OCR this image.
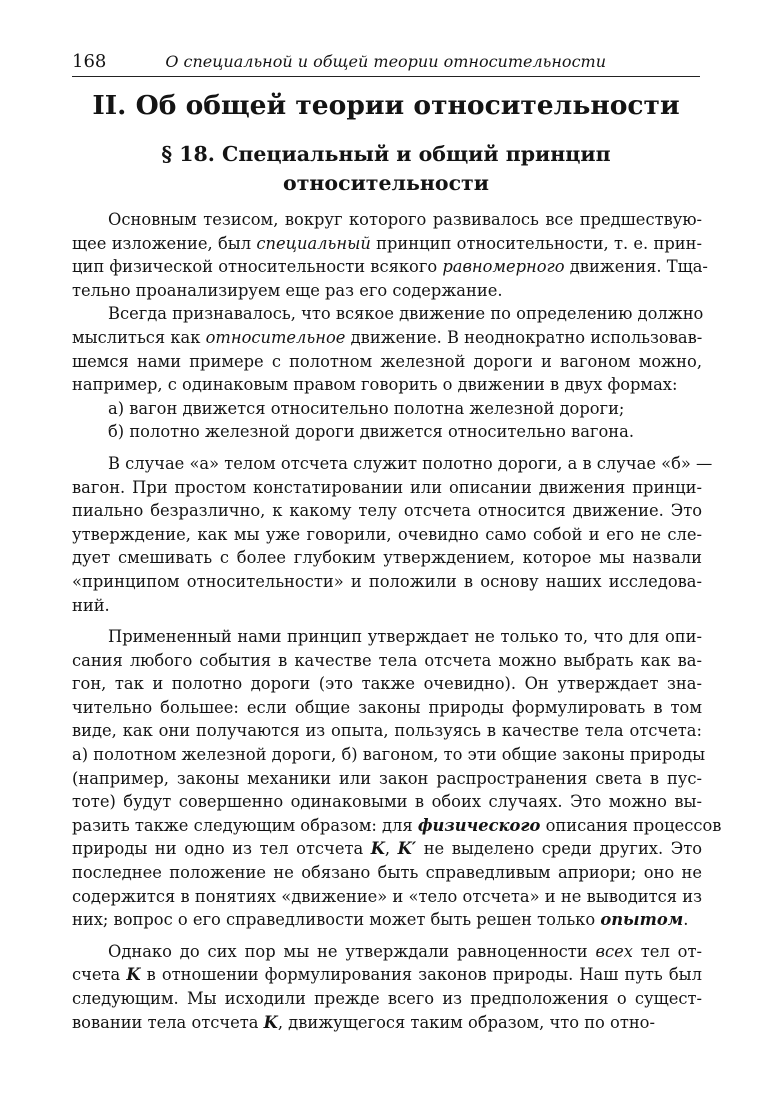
168	О специальной и общей теории относительности
II. Об общей теории относительности
§ 18. Специальный и общий принцип
относительности
Основным тезисом, вокруг которого развивалось все предшествую-
щее изложение, был специальный принцип относительности, т. е. прин-
цип физической относительности всякого равномерного движения. Тща-
тельно проанализируем еще раз его содержание.
Всегда признавалось, что всякое движение по определению должно
мыслиться как относительное движение. В неоднократно использовав-
шемся нами примере с полотном железной дороги и вагоном можно,
например, с одинаковым правом говорить о движении в двух формах:
а) вагон движется относительно полотна железной дороги;
б) полотно железной дороги движется относительно вагона.
В случае «а» телом отсчета служит полотно дороги, а в случае «б» —
вагон. При простом констатировании или описании движения принци-
пиально безразлично, к какому телу отсчета относится движение. Это
утверждение, как мы уже говорили, очевидно само собой и его не сле-
дует смешивать с более глубоким утверждением, которое мы назвали
«принципом относительности» и положили в основу наших исследова-
ний.
Примененный нами принцип утверждает не только то, что для опи-
сания любого события в качестве тела отсчета можно выбрать как ва-
гон, так и полотно дороги (это также очевидно). Он утверждает зна-
чительно большее: если общие законы природы формулировать в том
виде, как они получаются из опыта, пользуясь в качестве тела отсчета:
а) полотном железной дороги, б) вагоном, то эти общие законы природы
(например, законы механики или закон распространения света в пус-
тоте) будут совершенно одинаковыми в обоих случаях. Это можно вы-
разить также следующим образом: для физического описания процессов
природы ни одно из тел отсчета K, K′ не выделено среди других. Это
последнее положение не обязано быть справедливым априори; оно не
содержится в понятиях «движение» и «тело отсчета» и не выводится из
них; вопрос о его справедливости может быть решен только опытом.
Однако до сих пор мы не утверждали равноценности всех тел от-
счета K в отношении формулирования законов природы. Наш путь был
следующим. Мы исходили прежде всего из предположения о сущест-
вовании тела отсчета K, движущегося таким образом, что по отно-
